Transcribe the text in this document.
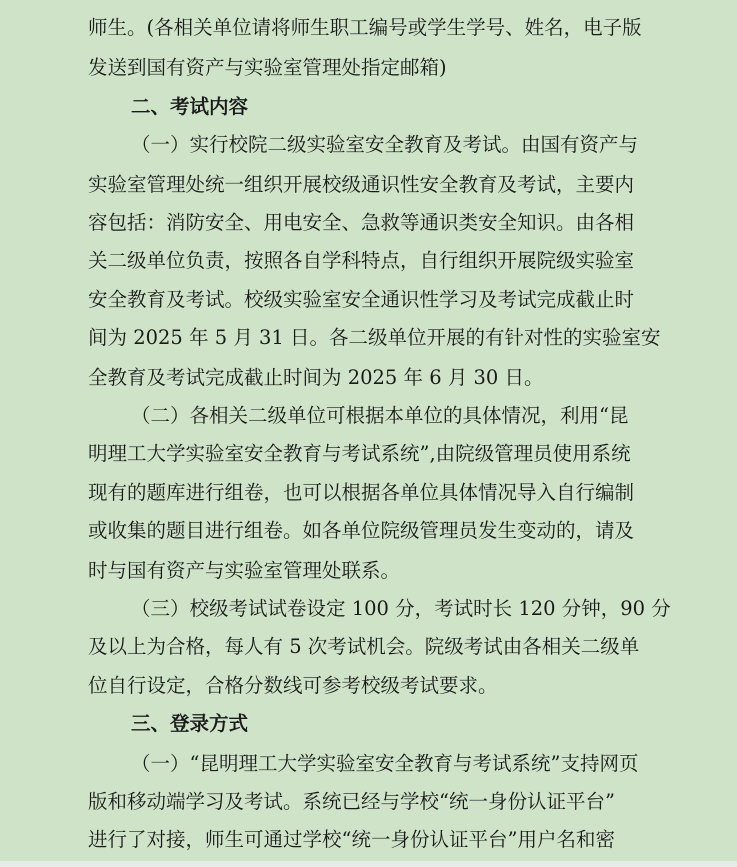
师生。(各相关单位请将师生职工编号或学生学号、姓名，电子版
发送到国有资产与实验室管理处指定邮箱)
二、考试内容
（一）实行校院二级实验室安全教育及考试。由国有资产与
实验室管理处统一组织开展校级通识性安全教育及考试，主要内
容包括：消防安全、用电安全、急救等通识类安全知识。由各相
关二级单位负责，按照各自学科特点，自行组织开展院级实验室
安全教育及考试。校级实验室安全通识性学习及考试完成截止时
间为 2025 年 5 月 31 日。各二级单位开展的有针对性的实验室安
全教育及考试完成截止时间为 2025 年 6 月 30 日。
（二）各相关二级单位可根据本单位的具体情况，利用“昆
明理工大学实验室安全教育与考试系统”,由院级管理员使用系统
现有的题库进行组卷，也可以根据各单位具体情况导入自行编制
或收集的题目进行组卷。如各单位院级管理员发生变动的，请及
时与国有资产与实验室管理处联系。
（三）校级考试试卷设定 100 分，考试时长 120 分钟，90 分
及以上为合格，每人有 5 次考试机会。院级考试由各相关二级单
位自行设定，合格分数线可参考校级考试要求。
三、登录方式
（一）“昆明理工大学实验室安全教育与考试系统”支持网页
版和移动端学习及考试。系统已经与学校“统一身份认证平台”
进行了对接，师生可通过学校“统一身份认证平台”用户名和密
